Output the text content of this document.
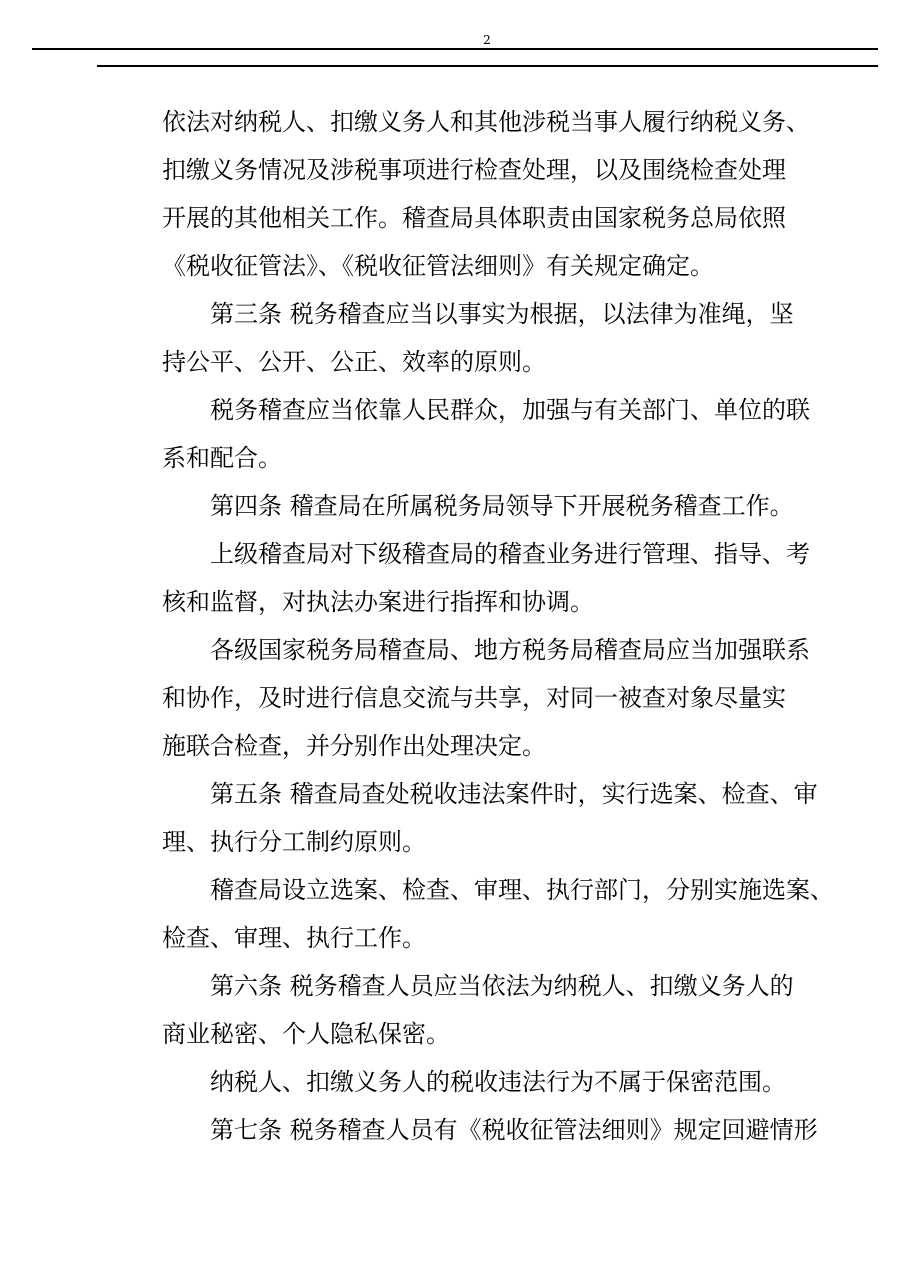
2
依法对纳税人、扣缴义务人和其他涉税当事人履行纳税义务、
扣缴义务情况及涉税事项进行检查处理，以及围绕检查处理
开展的其他相关工作。稽查局具体职责由国家税务总局依照
《税收征管法》、《税收征管法细则》有关规定确定。
第三条 税务稽查应当以事实为根据，以法律为准绳，坚
持公平、公开、公正、效率的原则。
税务稽查应当依靠人民群众，加强与有关部门、单位的联
系和配合。
第四条 稽查局在所属税务局领导下开展税务稽查工作。
上级稽查局对下级稽查局的稽查业务进行管理、指导、考
核和监督，对执法办案进行指挥和协调。
各级国家税务局稽查局、地方税务局稽查局应当加强联系
和协作，及时进行信息交流与共享，对同一被查对象尽量实
施联合检查，并分别作出处理决定。
第五条 稽查局查处税收违法案件时，实行选案、检查、审
理、执行分工制约原则。
稽查局设立选案、检查、审理、执行部门，分别实施选案、
检查、审理、执行工作。
第六条 税务稽查人员应当依法为纳税人、扣缴义务人的
商业秘密、个人隐私保密。
纳税人、扣缴义务人的税收违法行为不属于保密范围。
第七条 税务稽查人员有《税收征管法细则》规定回避情形
